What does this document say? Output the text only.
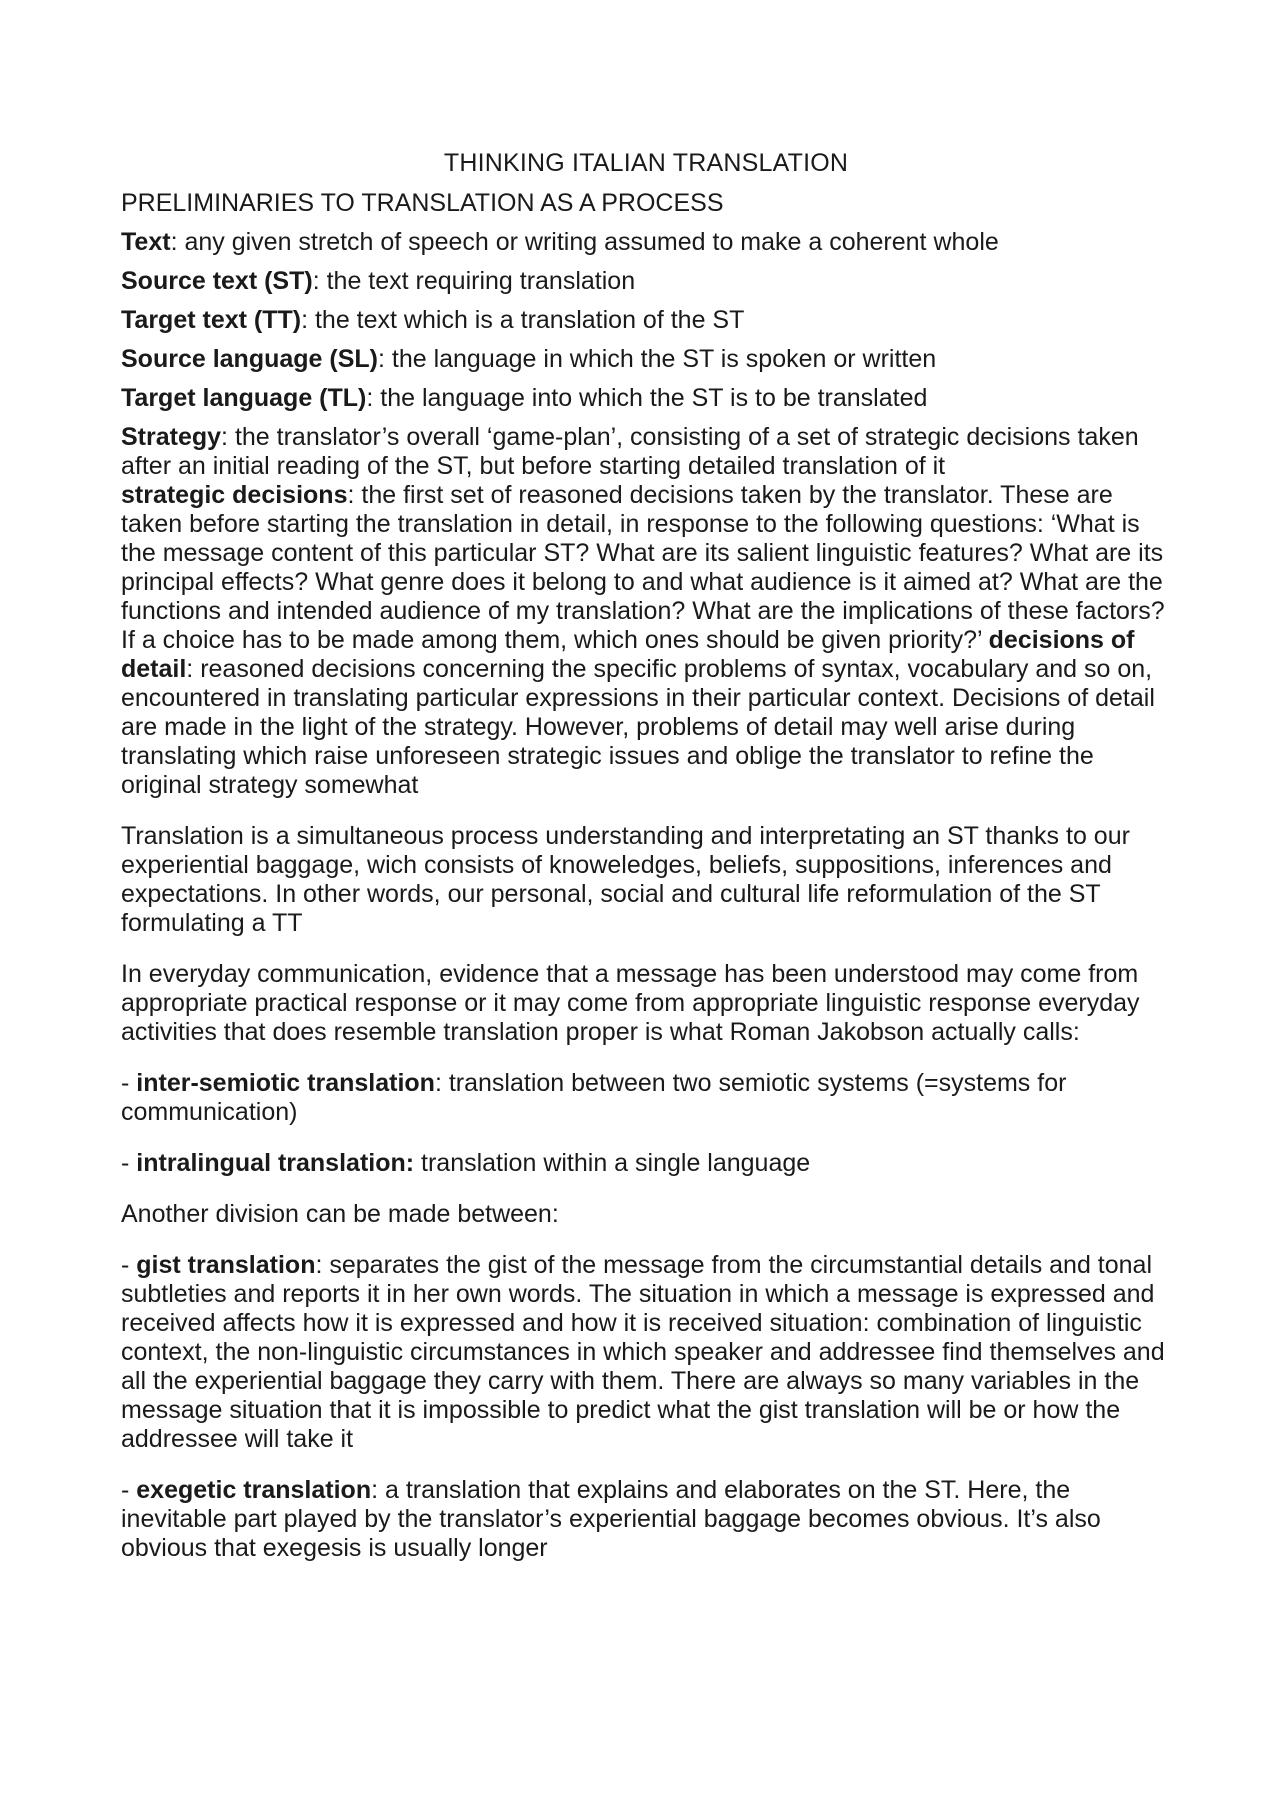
THINKING ITALIAN TRANSLATION
PRELIMINARIES TO TRANSLATION AS A PROCESS
Text: any given stretch of speech or writing assumed to make a coherent whole
Source text (ST): the text requiring translation
Target text (TT): the text which is a translation of the ST
Source language (SL): the language in which the ST is spoken or written
Target language (TL): the language into which the ST is to be translated
Strategy: the translator’s overall ‘game-plan’, consisting of a set of strategic decisions taken after an initial reading of the ST, but before starting detailed translation of it
strategic decisions: the first set of reasoned decisions taken by the translator. These are taken before starting the translation in detail, in response to the following questions: ‘What is the message content of this particular ST? What are its salient linguistic features? What are its principal effects? What genre does it belong to and what audience is it aimed at? What are the functions and intended audience of my translation? What are the implications of these factors? If a choice has to be made among them, which ones should be given priority?’ decisions of detail: reasoned decisions concerning the specific problems of syntax, vocabulary and so on, encountered in translating particular expressions in their particular context. Decisions of detail are made in the light of the strategy. However, problems of detail may well arise during translating which raise unforeseen strategic issues and oblige the translator to refine the original strategy somewhat
Translation is a simultaneous process understanding and interpretating an ST thanks to our experiential baggage, wich consists of knoweledges, beliefs, suppositions, inferences and expectations. In other words, our personal, social and cultural life reformulation of the ST formulating a TT
In everyday communication, evidence that a message has been understood may come from appropriate practical response or it may come from appropriate linguistic response everyday activities that does resemble translation proper is what Roman Jakobson actually calls:
- inter-semiotic translation: translation between two semiotic systems (=systems for communication)
- intralingual translation: translation within a single language
Another division can be made between:
- gist translation: separates the gist of the message from the circumstantial details and tonal subtleties and reports it in her own words. The situation in which a message is expressed and received affects how it is expressed and how it is received situation: combination of linguistic context, the non-linguistic circumstances in which speaker and addressee find themselves and all the experiential baggage they carry with them. There are always so many variables in the message situation that it is impossible to predict what the gist translation will be or how the addressee will take it
- exegetic translation: a translation that explains and elaborates on the ST. Here, the inevitable part played by the translator’s experiential baggage becomes obvious. It’s also obvious that exegesis is usually longer
